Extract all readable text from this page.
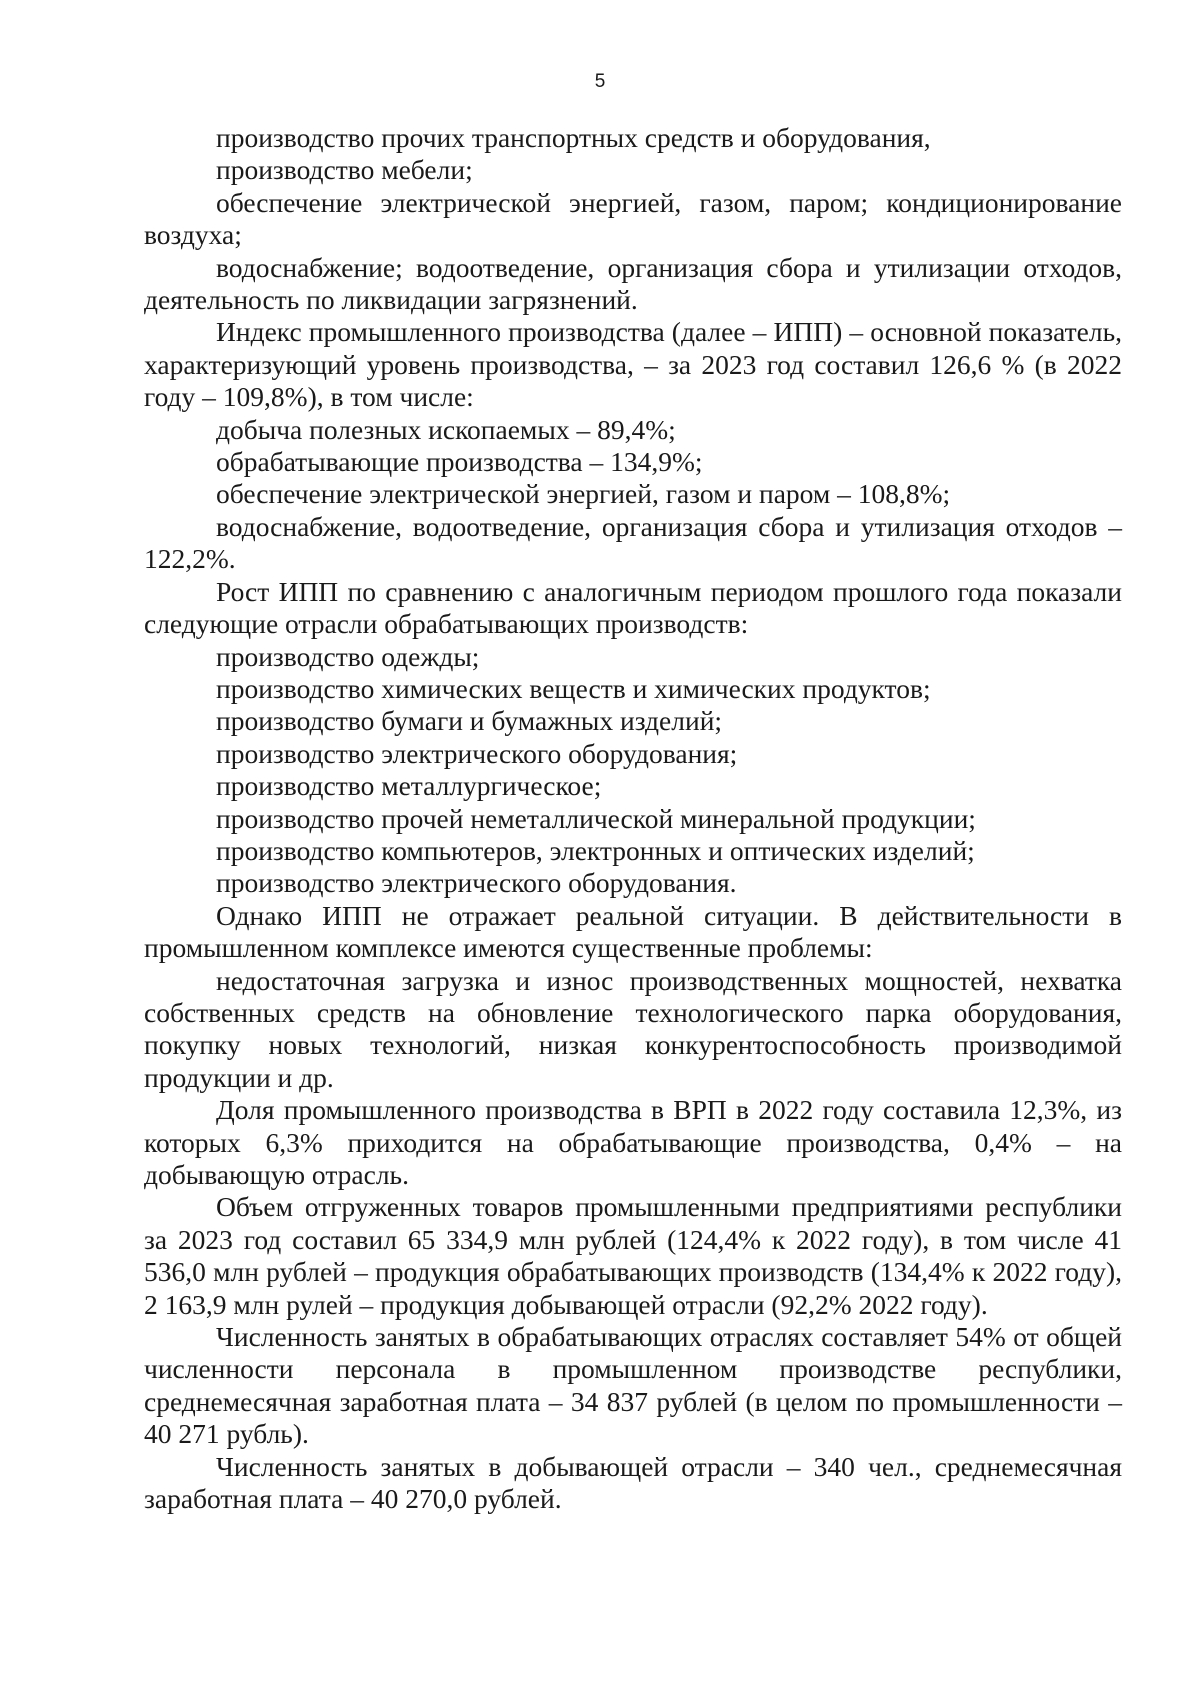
5

производство прочих транспортных средств и оборудования,

производство мебели;

обеспечение электрической энергией, газом, паром; кондиционирование воздуха;

водоснабжение; водоотведение, организация сбора и утилизации отходов, деятельность по ликвидации загрязнений.

Индекс промышленного производства (далее – ИПП) – основной показатель, характеризующий уровень производства, – за 2023 год составил 126,6 % (в 2022 году – 109,8%), в том числе:

добыча полезных ископаемых – 89,4%;

обрабатывающие производства – 134,9%;

обеспечение электрической энергией, газом и паром – 108,8%;

водоснабжение, водоотведение, организация сбора и утилизация отходов – 122,2%.

Рост ИПП по сравнению с аналогичным периодом прошлого года показали следующие отрасли обрабатывающих производств:

производство одежды;

производство химических веществ и химических продуктов;

производство бумаги и бумажных изделий;

производство электрического оборудования;

производство металлургическое;

производство прочей неметаллической минеральной продукции;

производство компьютеров, электронных и оптических изделий;

производство электрического оборудования.

Однако ИПП не отражает реальной ситуации. В действительности в промышленном комплексе имеются существенные проблемы:

недостаточная загрузка и износ производственных мощностей, нехватка собственных средств на обновление технологического парка оборудования, покупку новых технологий, низкая конкурентоспособность производимой продукции и др.

Доля промышленного производства в ВРП в 2022 году составила 12,3%, из которых 6,3% приходится на обрабатывающие производства, 0,4% – на добывающую отрасль.

Объем отгруженных товаров промышленными предприятиями республики за 2023 год составил 65 334,9 млн рублей (124,4% к 2022 году), в том числе 41 536,0 млн рублей – продукция обрабатывающих производств (134,4% к 2022 году), 2 163,9 млн рулей – продукция добывающей отрасли (92,2% 2022 году).

Численность занятых в обрабатывающих отраслях составляет 54% от общей численности персонала в промышленном производстве республики, среднемесячная заработная плата – 34 837 рублей (в целом по промышленности – 40 271 рубль).

Численность занятых в добывающей отрасли – 340 чел., среднемесячная заработная плата – 40 270,0 рублей.
